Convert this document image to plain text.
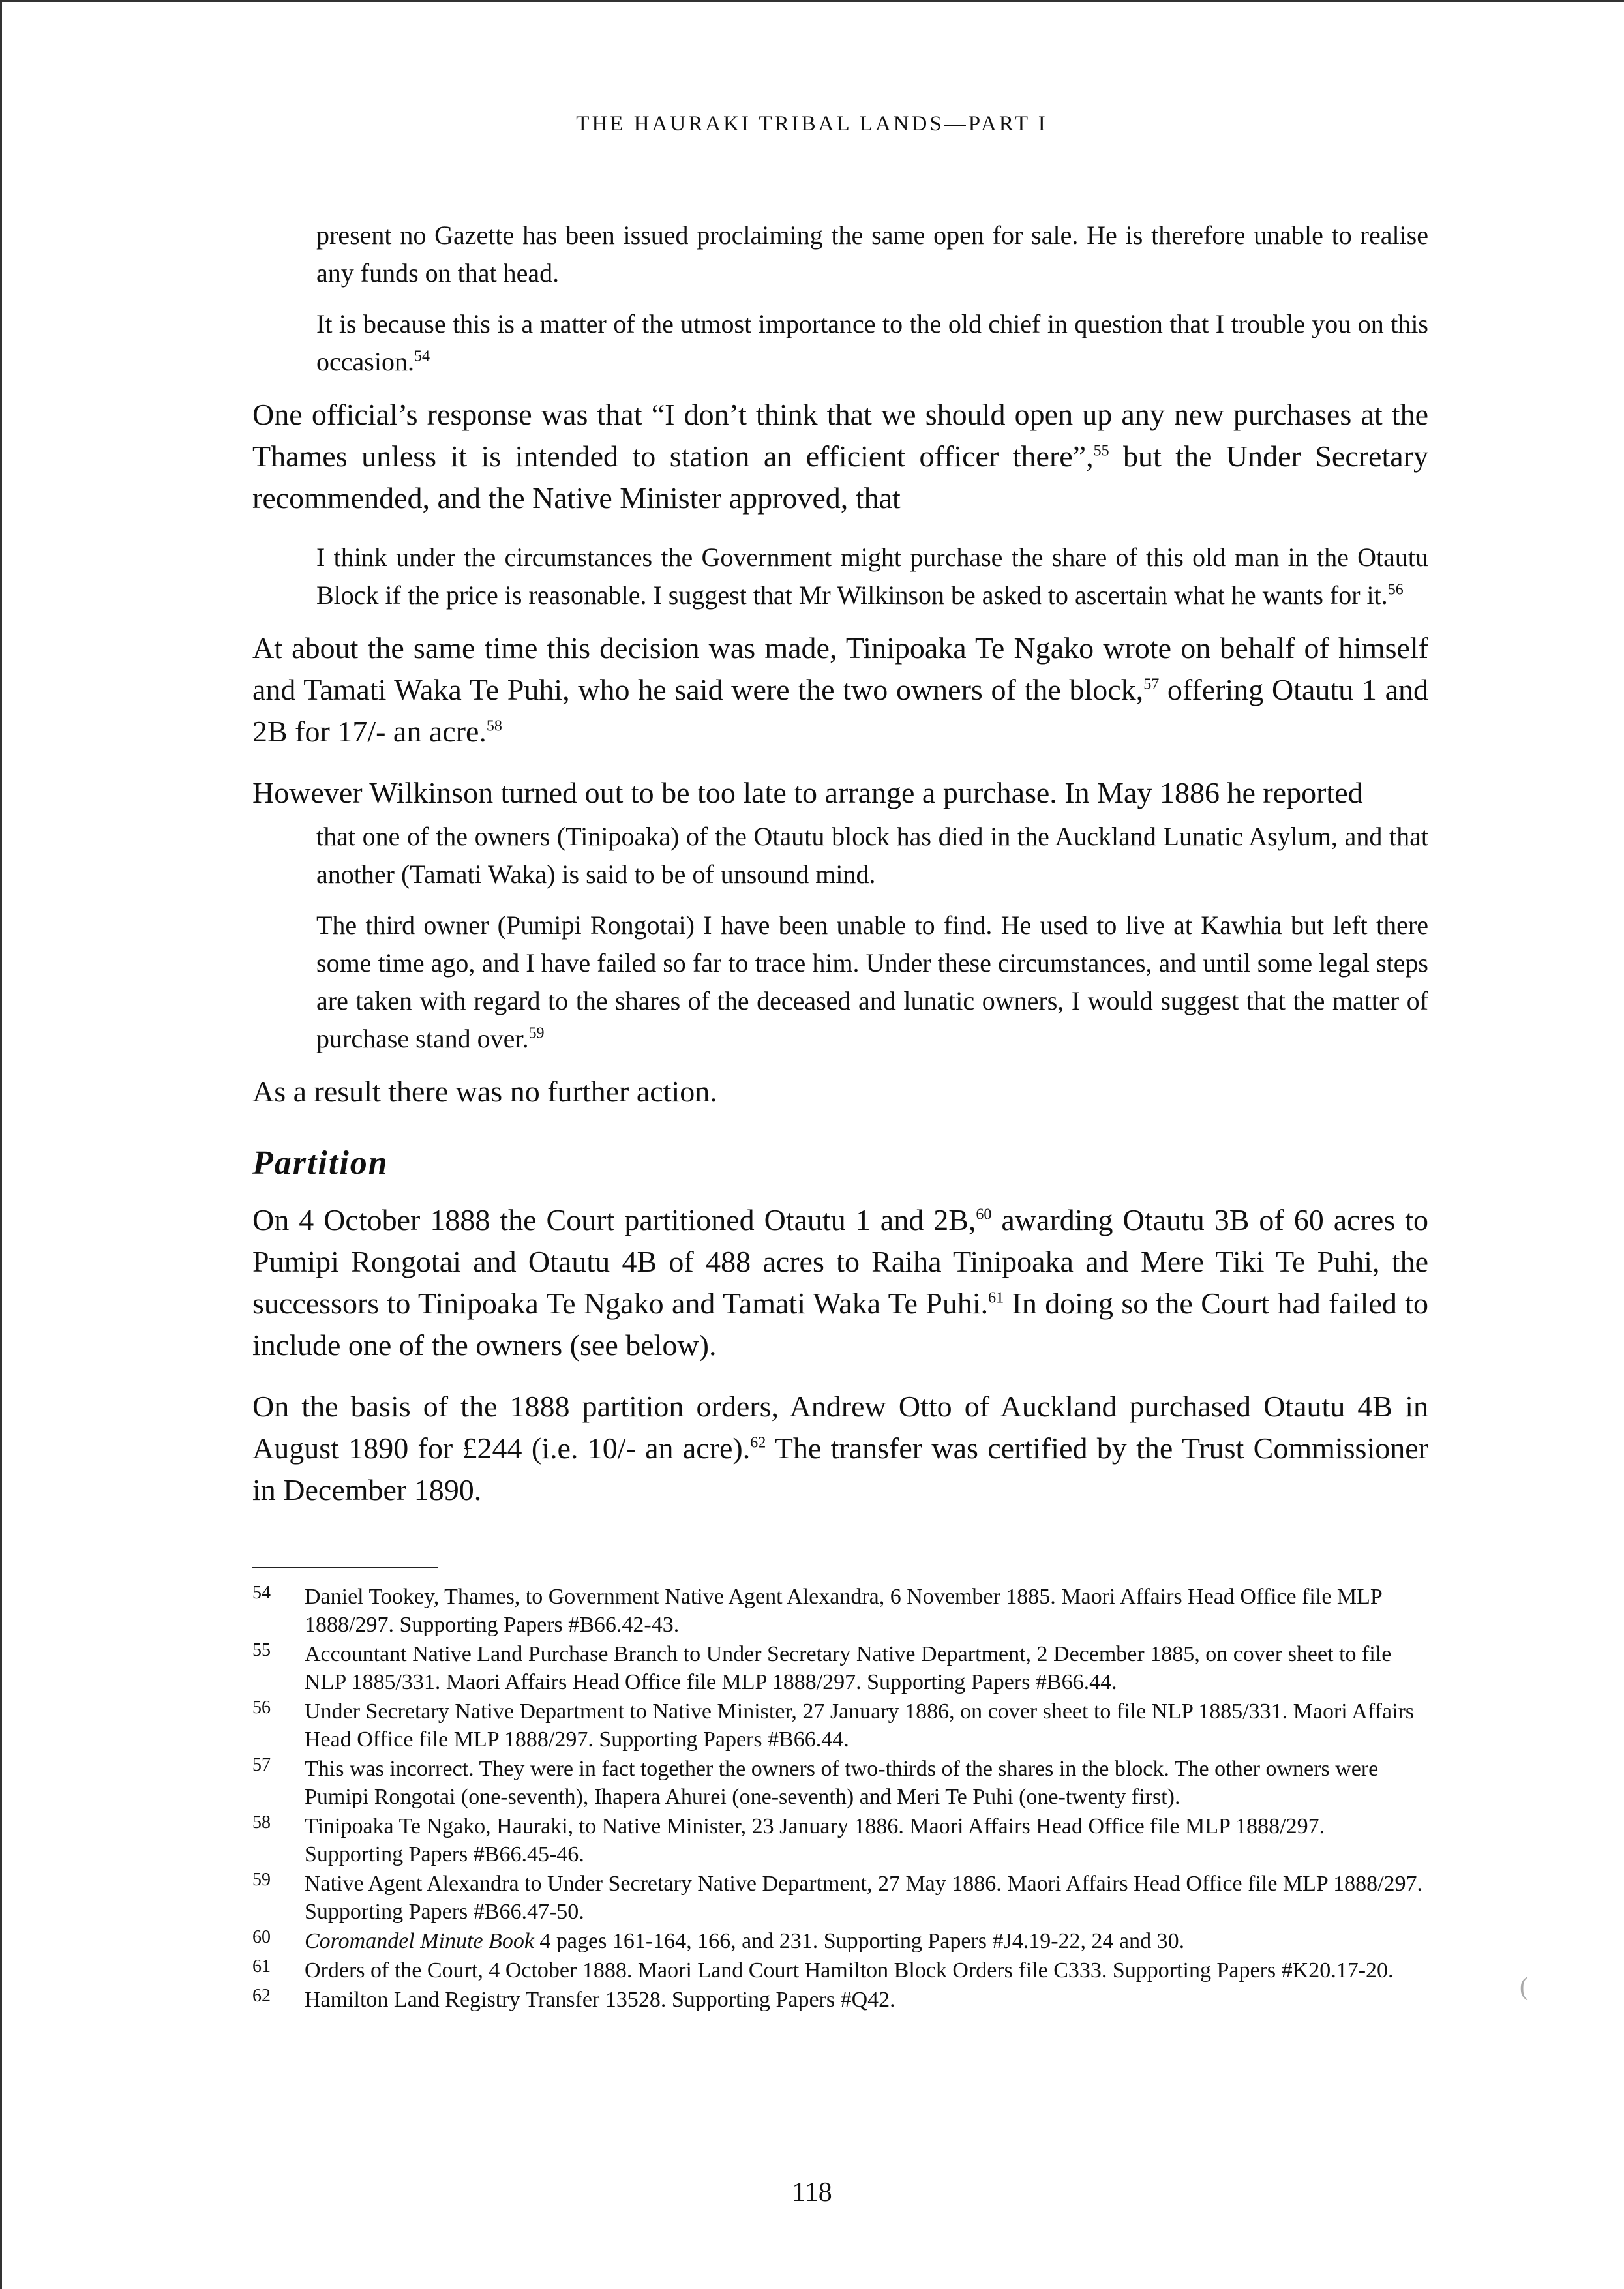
THE HAURAKI TRIBAL LANDS—PART I

present no Gazette has been issued proclaiming the same open for sale. He is therefore unable to realise any funds on that head.

It is because this is a matter of the utmost importance to the old chief in question that I trouble you on this occasion.$^{54}$

One official’s response was that “I don’t think that we should open up any new purchases at the Thames unless it is intended to station an efficient officer there”,$^{55}$ but the Under Secretary recommended, and the Native Minister approved, that

I think under the circumstances the Government might purchase the share of this old man in the Otautu Block if the price is reasonable. I suggest that Mr Wilkinson be asked to ascertain what he wants for it.$^{56}$

At about the same time this decision was made, Tinipoaka Te Ngako wrote on behalf of himself and Tamati Waka Te Puhi, who he said were the two owners of the block,$^{57}$ offering Otautu 1 and 2B for 17/- an acre.$^{58}$

However Wilkinson turned out to be too late to arrange a purchase. In May 1886 he reported

that one of the owners (Tinipoaka) of the Otautu block has died in the Auckland Lunatic Asylum, and that another (Tamati Waka) is said to be of unsound mind.

The third owner (Pumipi Rongotai) I have been unable to find. He used to live at Kawhia but left there some time ago, and I have failed so far to trace him. Under these circumstances, and until some legal steps are taken with regard to the shares of the deceased and lunatic owners, I would suggest that the matter of purchase stand over.$^{59}$

As a result there was no further action.

Partition

On 4 October 1888 the Court partitioned Otautu 1 and 2B,$^{60}$ awarding Otautu 3B of 60 acres to Pumipi Rongotai and Otautu 4B of 488 acres to Raiha Tinipoaka and Mere Tiki Te Puhi, the successors to Tinipoaka Te Ngako and Tamati Waka Te Puhi.$^{61}$ In doing so the Court had failed to include one of the owners (see below).

On the basis of the 1888 partition orders, Andrew Otto of Auckland purchased Otautu 4B in August 1890 for £244 (i.e. 10/- an acre).$^{62}$ The transfer was certified by the Trust Commissioner in December 1890.

54 Daniel Tookey, Thames, to Government Native Agent Alexandra, 6 November 1885. Maori Affairs Head Office file MLP 1888/297. Supporting Papers #B66.42-43.
55 Accountant Native Land Purchase Branch to Under Secretary Native Department, 2 December 1885, on cover sheet to file NLP 1885/331. Maori Affairs Head Office file MLP 1888/297. Supporting Papers #B66.44.
56 Under Secretary Native Department to Native Minister, 27 January 1886, on cover sheet to file NLP 1885/331. Maori Affairs Head Office file MLP 1888/297. Supporting Papers #B66.44.
57 This was incorrect. They were in fact together the owners of two-thirds of the shares in the block. The other owners were Pumipi Rongotai (one-seventh), Ihapera Ahurei (one-seventh) and Meri Te Puhi (one-twenty first).
58 Tinipoaka Te Ngako, Hauraki, to Native Minister, 23 January 1886. Maori Affairs Head Office file MLP 1888/297. Supporting Papers #B66.45-46.
59 Native Agent Alexandra to Under Secretary Native Department, 27 May 1886. Maori Affairs Head Office file MLP 1888/297. Supporting Papers #B66.47-50.
60 Coromandel Minute Book 4 pages 161-164, 166, and 231. Supporting Papers #J4.19-22, 24 and 30.
61 Orders of the Court, 4 October 1888. Maori Land Court Hamilton Block Orders file C333. Supporting Papers #K20.17-20.
62 Hamilton Land Registry Transfer 13528. Supporting Papers #Q42.	(
118
